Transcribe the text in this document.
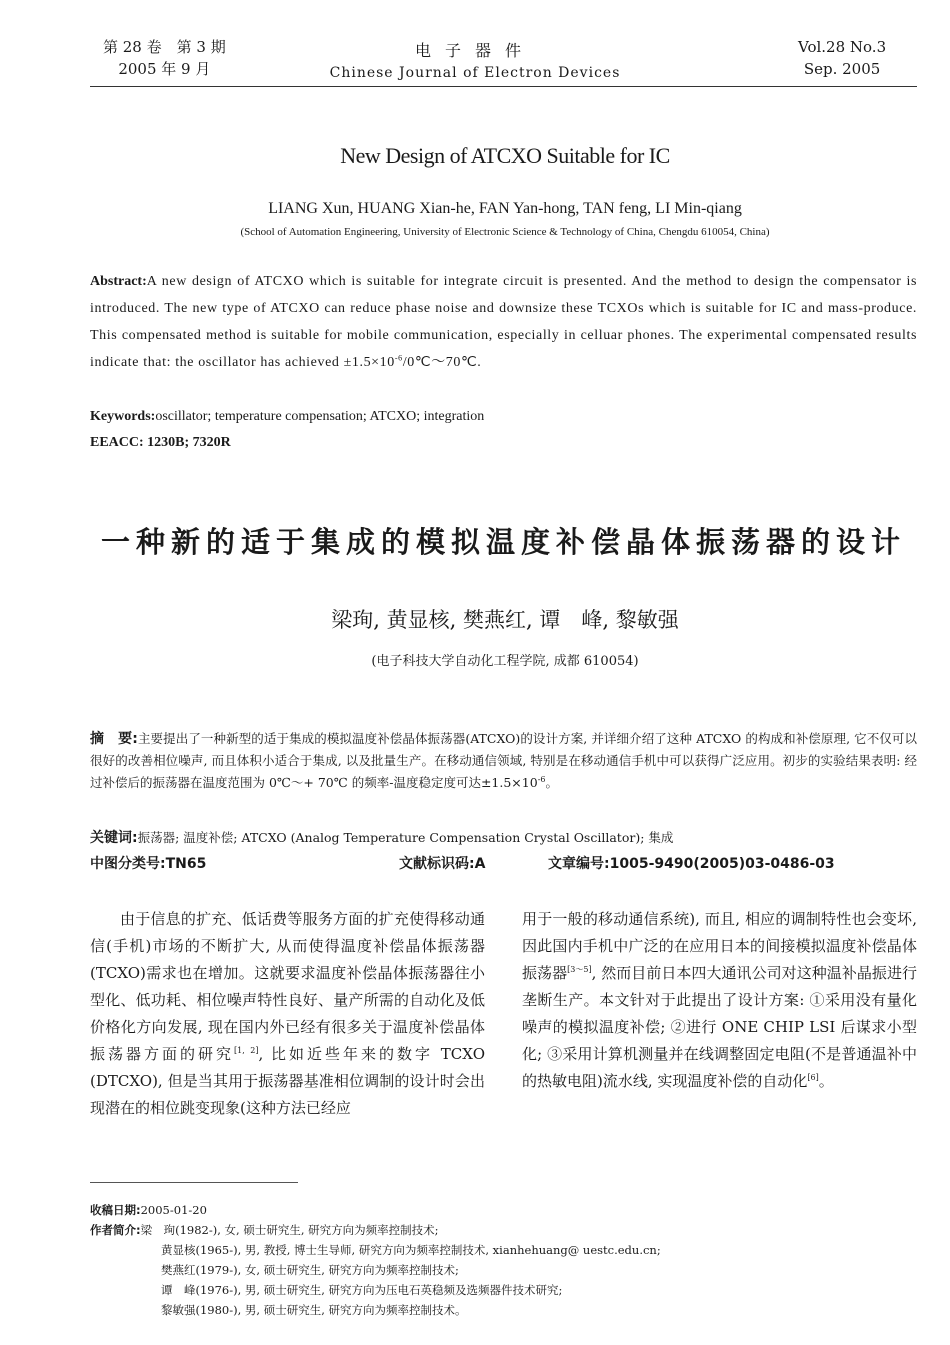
第 28 卷　第 3 期
2005 年 9 月
电子器件
Chinese Journal of Electron Devices
Vol.28 No.3
Sep. 2005
New Design of ATCXO Suitable for IC
LIANG Xun, HUANG Xian-he, FAN Yan-hong, TAN feng, LI Min-qiang
(School of Automation Engineering, University of Electronic Science & Technology of China, Chengdu 610054, China)
Abstract:A new design of ATCXO which is suitable for integrate circuit is presented. And the method to design the compensator is introduced. The new type of ATCXO can reduce phase noise and downsize these TCXOs which is suitable for IC and mass-produce. This compensated method is suitable for mobile communication, especially in celluar phones. The experimental compensated results indicate that: the oscillator has achieved $\pm 1.5\times 10^{-6}/0℃\sim 70℃$.
Keywords:oscillator; temperature compensation; ATCXO; integration
EEACC: 1230B; 7320R
一种新的适于集成的模拟温度补偿晶体振荡器的设计
梁珣, 黄显核, 樊燕红, 谭　峰, 黎敏强
(电子科技大学自动化工程学院, 成都 610054)
摘　要:主要提出了一种新型的适于集成的模拟温度补偿晶体振荡器(ATCXO)的设计方案, 并详细介绍了这种 ATCXO 的构成和补偿原理, 它不仅可以很好的改善相位噪声, 而且体积小适合于集成, 以及批量生产。在移动通信领域, 特别是在移动通信手机中可以获得广泛应用。初步的实验结果表明: 经过补偿后的振荡器在温度范围为 0℃～+ 70℃ 的频率-温度稳定度可达$\pm 1.5\times 10^{-6}$。
关键词:振荡器; 温度补偿; ATCXO (Analog Temperature Compensation Crystal Oscillator); 集成
中图分类号:TN65	文献标识码:A	文章编号:1005-9490(2005)03-0486-03

由于信息的扩充、低话费等服务方面的扩充使得移动通信(手机)市场的不断扩大, 从而使得温度补偿晶体振荡器(TCXO)需求也在增加。这就要求温度补偿晶体振荡器往小型化、低功耗、相位噪声特性良好、量产所需的自动化及低价格化方向发展, 现在国内外已经有很多关于温度补偿晶体振荡器方面的研究[1, 2], 比如近些年来的数字 TCXO (DTCXO), 但是当其用于振荡器基准相位调制的设计时会出现潜在的相位跳变现象(这种方法已经应

用于一般的移动通信系统), 而且, 相应的调制特性也会变坏, 因此国内手机中广泛的在应用日本的间接模拟温度补偿晶体振荡器[3～5], 然而目前日本四大通讯公司对这种温补晶振进行垄断生产。本文针对于此提出了设计方案: ①采用没有量化噪声的模拟温度补偿; ②进行 ONE CHIP LSI 后谋求小型化; ③采用计算机测量并在线调整固定电阻(不是普通温补中的热敏电阻)流水线, 实现温度补偿的自动化[6]。

收稿日期:2005-01-20
作者简介:梁　珣(1982-), 女, 硕士研究生, 研究方向为频率控制技术;
黄显核(1965-), 男, 教授, 博士生导师, 研究方向为频率控制技术, xianhehuang@ uestc.edu.cn;
樊燕红(1979-), 女, 硕士研究生, 研究方向为频率控制技术;
谭　峰(1976-), 男, 硕士研究生, 研究方向为压电石英稳频及选频器件技术研究;
黎敏强(1980-), 男, 硕士研究生, 研究方向为频率控制技术。
